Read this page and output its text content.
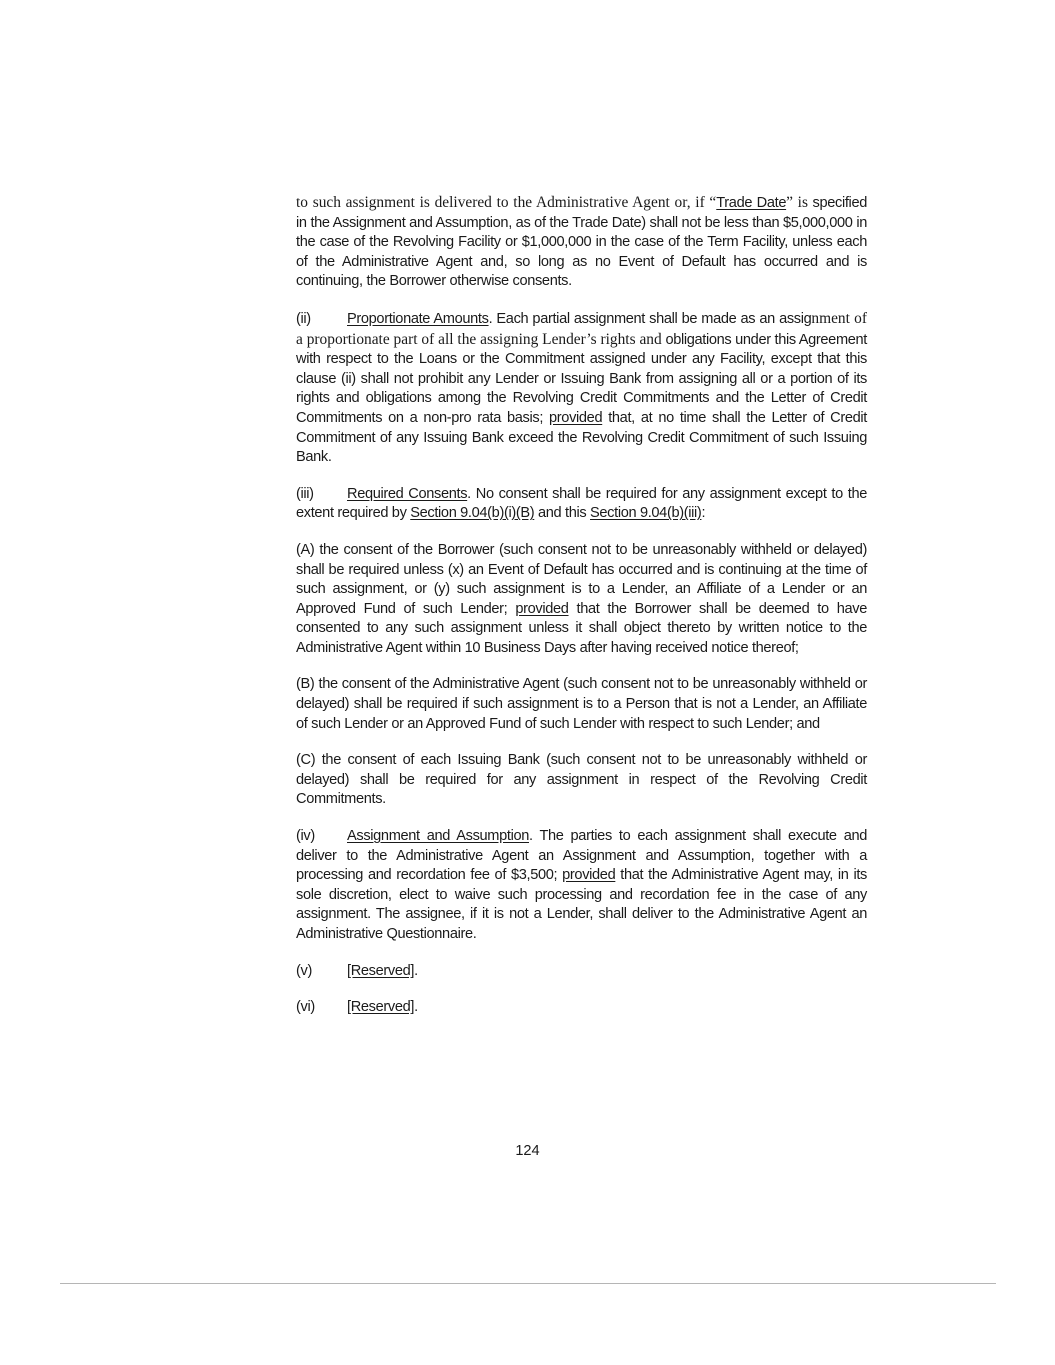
to such assignment is delivered to the Administrative Agent or, if “Trade Date” is specified in the Assignment and Assumption, as of the Trade Date) shall not be less than $5,000,000 in the case of the Revolving Facility or $1,000,000 in the case of the Term Facility, unless each of the Administrative Agent and, so long as no Event of Default has occurred and is continuing, the Borrower otherwise consents.

(ii) Proportionate Amounts. Each partial assignment shall be made as an assignment of a proportionate part of all the assigning Lender’s rights and obligations under this Agreement with respect to the Loans or the Commitment assigned under any Facility, except that this clause (ii) shall not prohibit any Lender or Issuing Bank from assigning all or a portion of its rights and obligations among the Revolving Credit Commitments and the Letter of Credit Commitments on a non-pro rata basis; provided that, at no time shall the Letter of Credit Commitment of any Issuing Bank exceed the Revolving Credit Commitment of such Issuing Bank.

(iii) Required Consents. No consent shall be required for any assignment except to the extent required by Section 9.04(b)(i)(B) and this Section 9.04(b)(iii):

(A) the consent of the Borrower (such consent not to be unreasonably withheld or delayed) shall be required unless (x) an Event of Default has occurred and is continuing at the time of such assignment, or (y) such assignment is to a Lender, an Affiliate of a Lender or an Approved Fund of such Lender; provided that the Borrower shall be deemed to have consented to any such assignment unless it shall object thereto by written notice to the Administrative Agent within 10 Business Days after having received notice thereof;

(B) the consent of the Administrative Agent (such consent not to be unreasonably withheld or delayed) shall be required if such assignment is to a Person that is not a Lender, an Affiliate of such Lender or an Approved Fund of such Lender with respect to such Lender; and

(C) the consent of each Issuing Bank (such consent not to be unreasonably withheld or delayed) shall be required for any assignment in respect of the Revolving Credit Commitments.

(iv) Assignment and Assumption. The parties to each assignment shall execute and deliver to the Administrative Agent an Assignment and Assumption, together with a processing and recordation fee of $3,500; provided that the Administrative Agent may, in its sole discretion, elect to waive such processing and recordation fee in the case of any assignment. The assignee, if it is not a Lender, shall deliver to the Administrative Agent an Administrative Questionnaire.

(v) [Reserved].
(vi) [Reserved].
124
